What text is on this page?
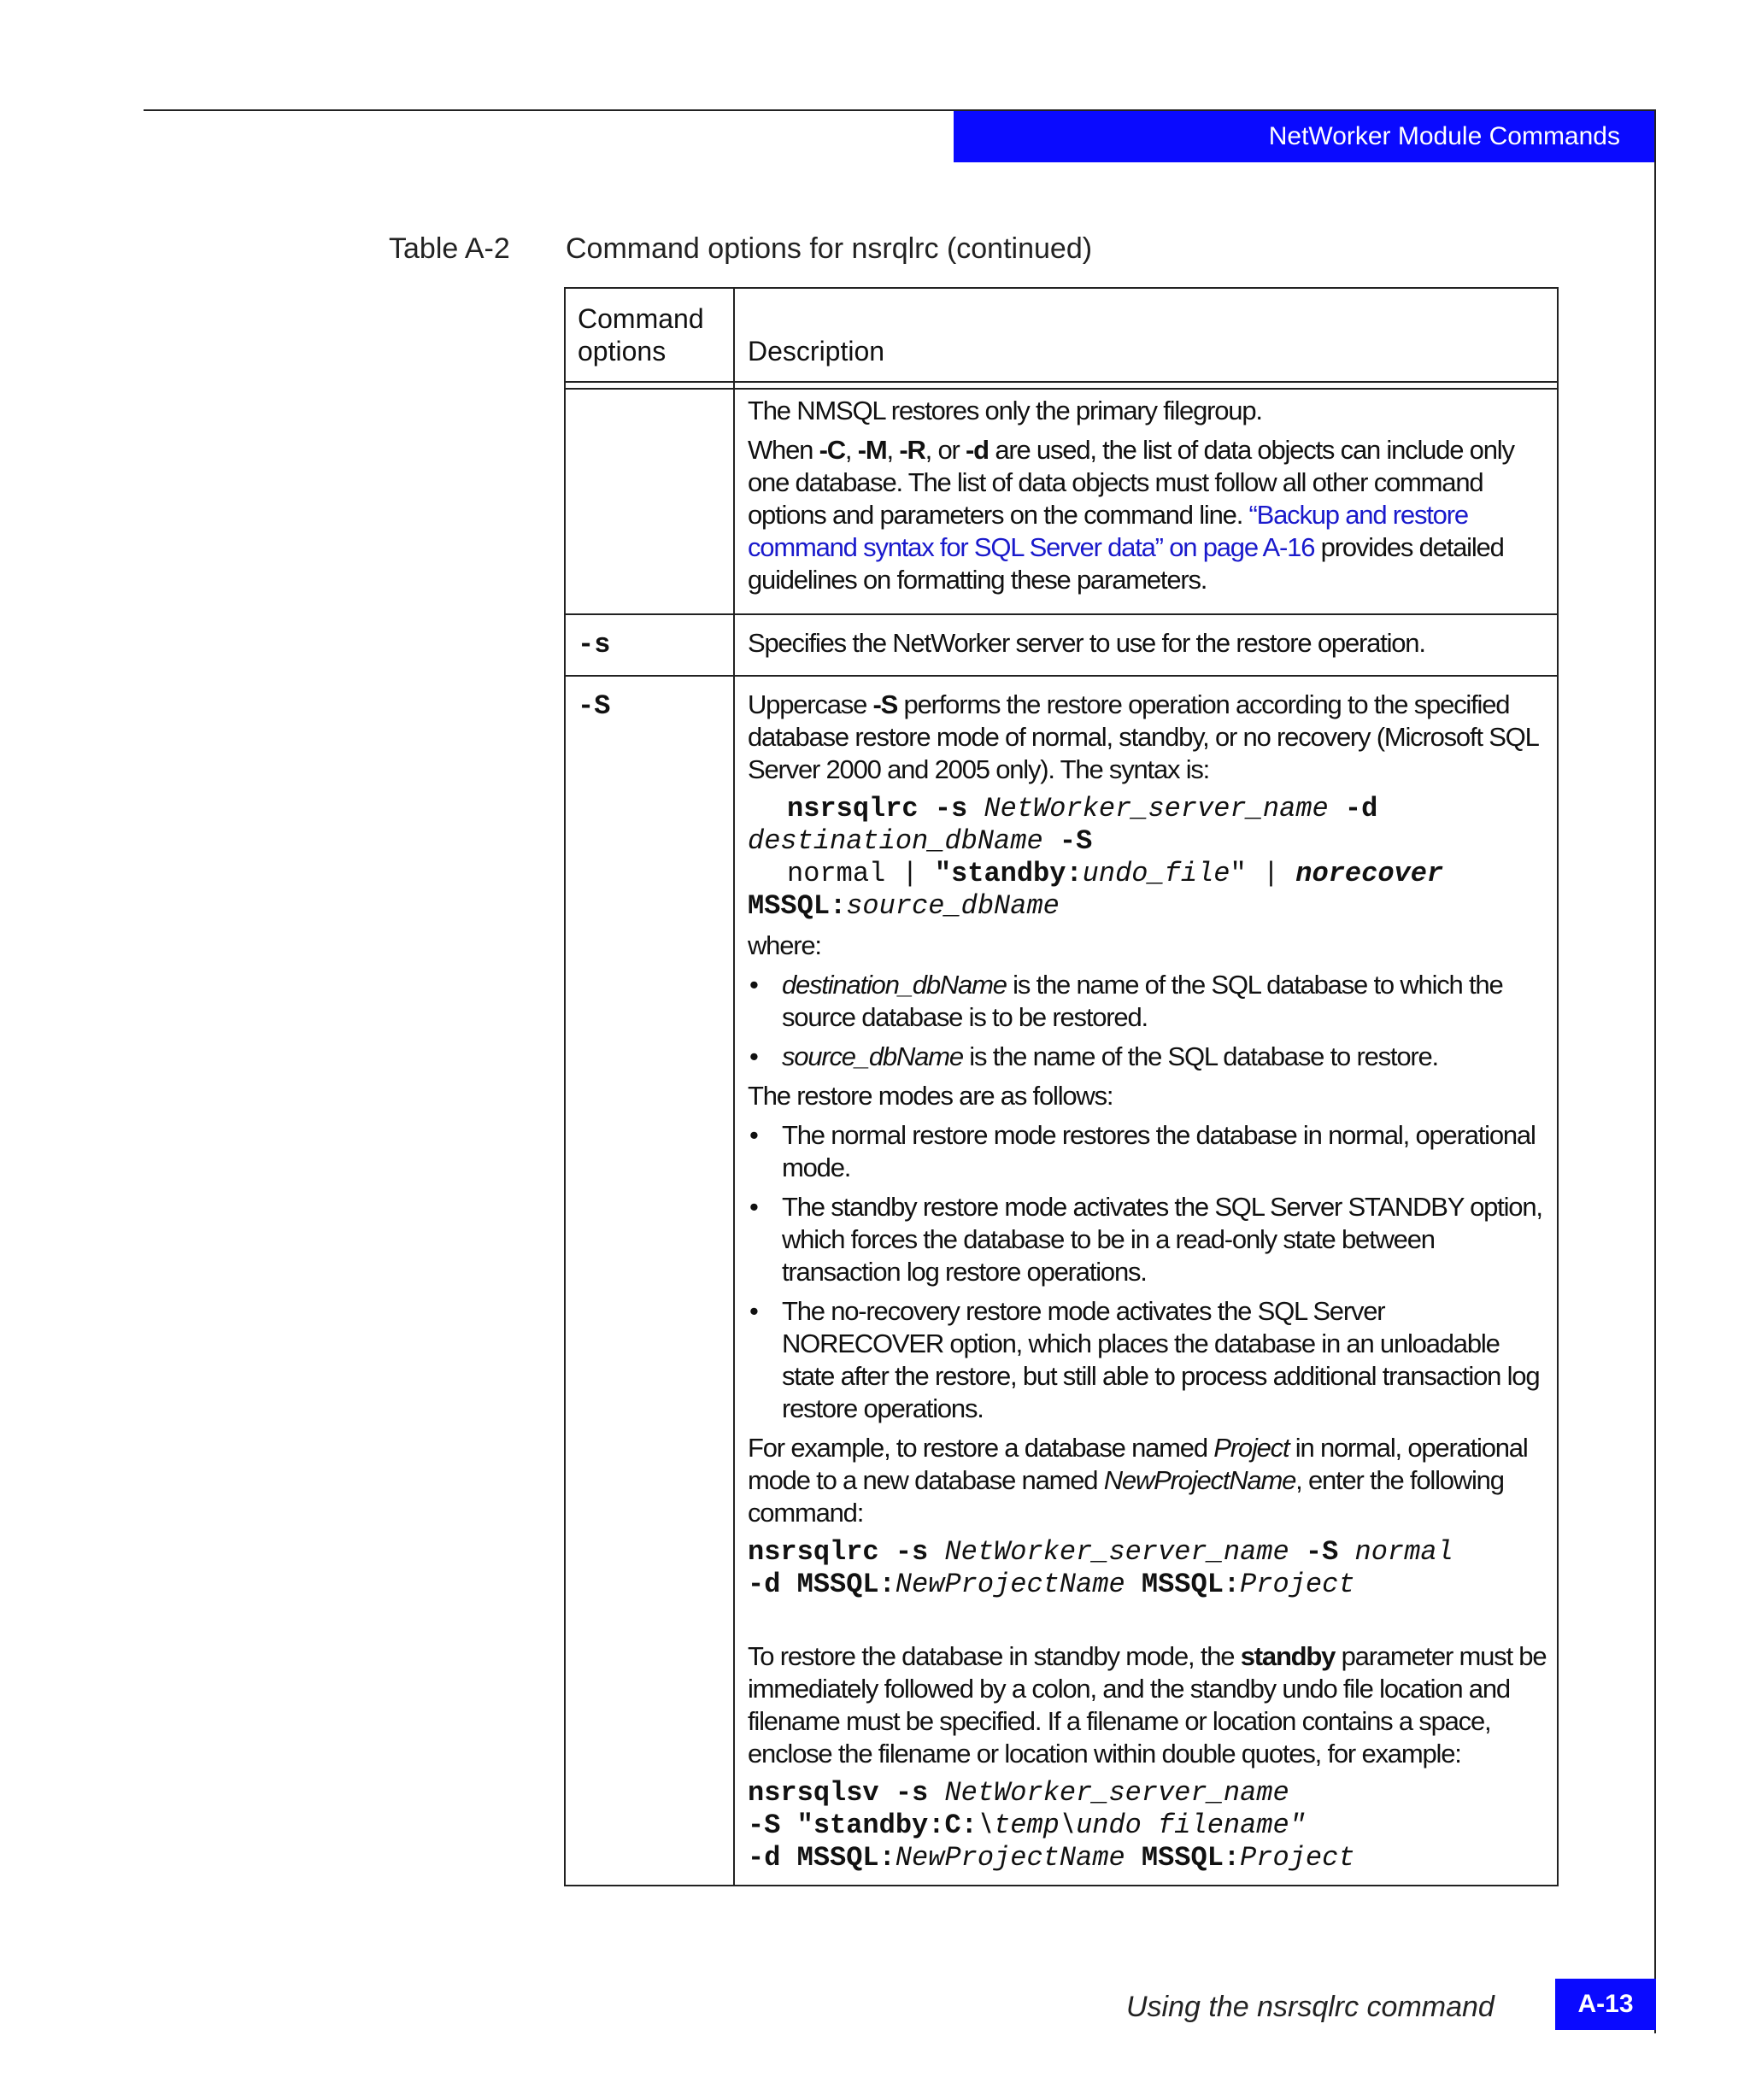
NetWorker Module Commands
Table A-2 Command options for nsrqlrc (continued)
Command
options	Description

The NMSQL restores only the primary filegroup.

When -C, -M, -R, or -d are used, the list of data objects can include only one database. The list of data objects must follow all other command options and parameters on the command line. “Backup and restore command syntax for SQL Server data” on page A-16 provides detailed guidelines on formatting these parameters.

-s	Specifies the NetWorker server to use for the restore operation.
-S	Uppercase -S performs the restore operation according to the specified database restore mode of normal, standby, or no recovery (Microsoft SQL Server 2000 and 2005 only). The syntax is:

nsrsqlrc -s NetWorker_server_name -d
destination_dbName -S
normal | "standby:undo_file" | norecover
MSSQL:source_dbName

where:

• destination_dbName is the name of the SQL database to which the source database is to be restored.
• source_dbName is the name of the SQL database to restore.

The restore modes are as follows:

• The normal restore mode restores the database in normal, operational mode.
• The standby restore mode activates the SQL Server STANDBY option, which forces the database to be in a read-only state between transaction log restore operations.
• The no-recovery restore mode activates the SQL Server NORECOVER option, which places the database in an unloadable state after the restore, but still able to process additional transaction log restore operations.

For example, to restore a database named Project in normal, operational mode to a new database named NewProjectName, enter the following command:

nsrsqlrc -s NetWorker_server_name -S normal
-d MSSQL:NewProjectName MSSQL:Project

To restore the database in standby mode, the standby parameter must be immediately followed by a colon, and the standby undo file location and filename must be specified. If a filename or location contains a space, enclose the filename or location within double quotes, for example:

nsrsqlsv -s NetWorker_server_name
-S "standby:C:\temp\undo filename"
-d MSSQL:NewProjectName MSSQL:Project
Using the nsrsqlrc command	A-13
